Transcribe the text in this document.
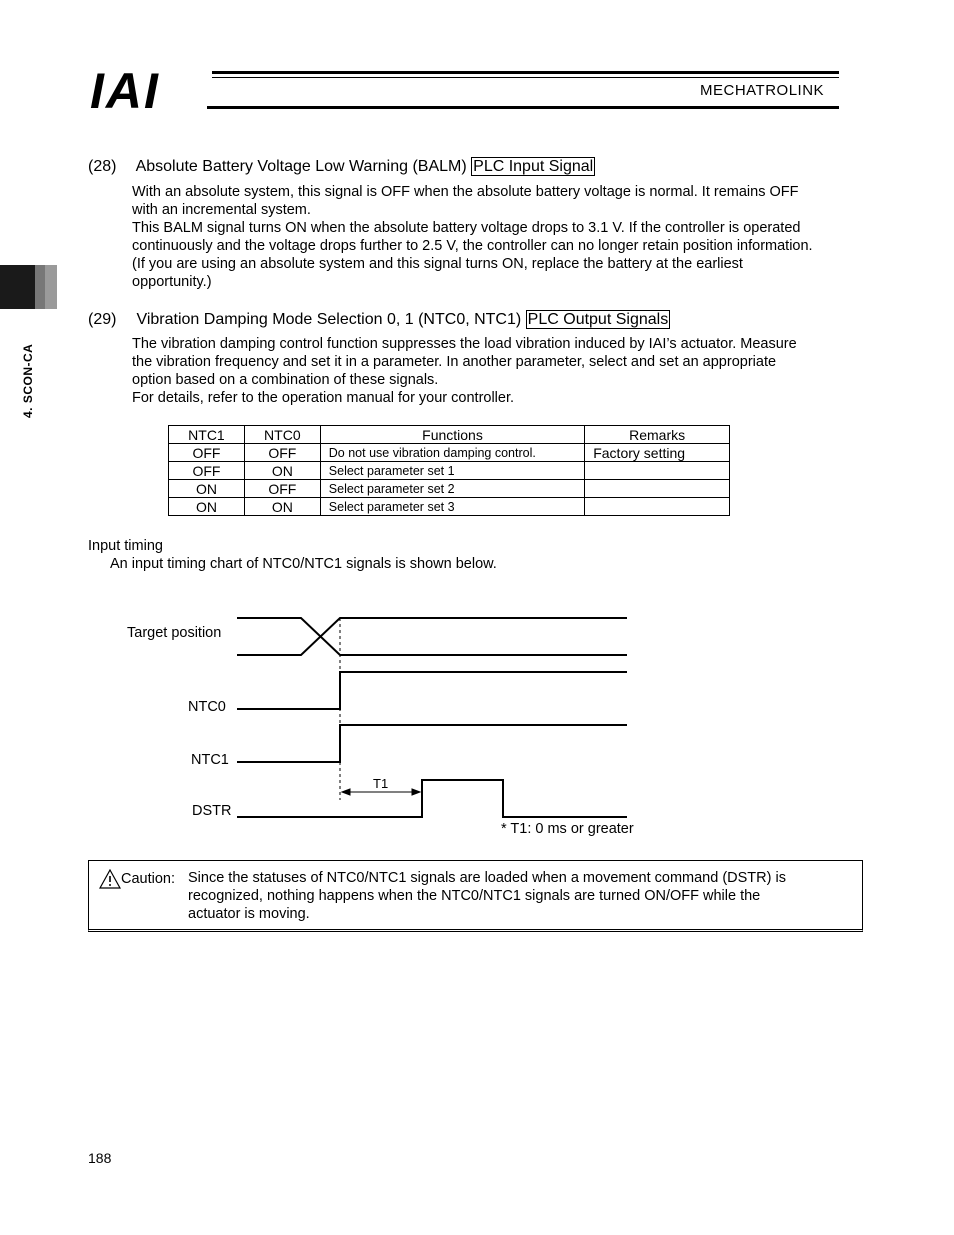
IAI	MECHATROLINK
4. SCON-CA
(28) Absolute Battery Voltage Low Warning (BALM) PLC Input Signal
With an absolute system, this signal is OFF when the absolute battery voltage is normal. It remains OFF
with an incremental system.
This BALM signal turns ON when the absolute battery voltage drops to 3.1 V. If the controller is operated
continuously and the voltage drops further to 2.5 V, the controller can no longer retain position information.
(If you are using an absolute system and this signal turns ON, replace the battery at the earliest
opportunity.)
(29) Vibration Damping Mode Selection 0, 1 (NTC0, NTC1) PLC Output Signals
The vibration damping control function suppresses the load vibration induced by IAI’s actuator. Measure
the vibration frequency and set it in a parameter. In another parameter, select and set an appropriate
option based on a combination of these signals.
For details, refer to the operation manual for your controller.
NTC1	NTC0	Functions	Remarks
OFF	OFF	Do not use vibration damping control.	Factory setting
OFF	ON	Select parameter set 1	
ON	OFF	Select parameter set 2	
ON	ON	Select parameter set 3	
Input timing
An input timing chart of NTC0/NTC1 signals is shown below.
Target position
NTC0
NTC1
DSTR
T1
* T1: 0 ms or greater
Caution: Since the statuses of NTC0/NTC1 signals are loaded when a movement command (DSTR) is
recognized, nothing happens when the NTC0/NTC1 signals are turned ON/OFF while the
actuator is moving.
188
